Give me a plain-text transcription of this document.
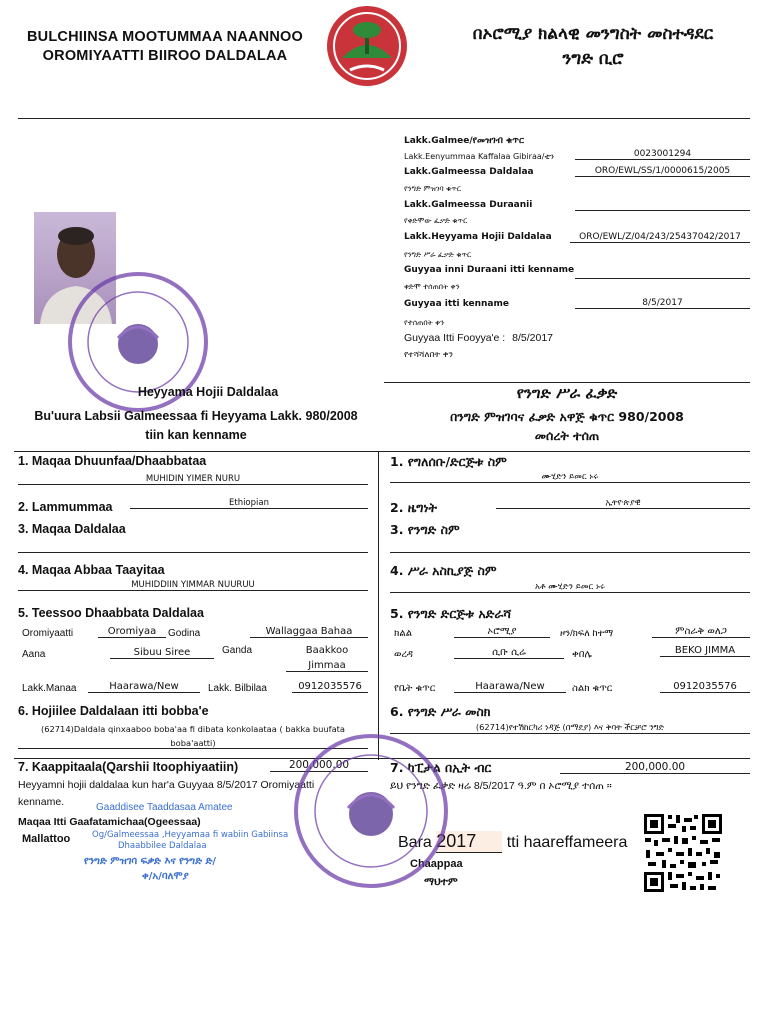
BULCHIINSA MOOTUMMAA NAANNOO
OROMIYAATTI BIIROO DALDALAA
በኦሮሚያ ክልላዊ መንግስት መስተዳደር
ንግድ ቢሮ
Lakk.Galmee/የመዝገብ ቁጥር
Lakk.Eenyummaa Kaffalaa Gibiraa/ቲን	0023001294
Lakk.Galmeessa Daldalaa	ORO/EWL/SS/1/0000615/2005
የንግድ ምዝገባ ቁጥር
Lakk.Galmeessa Duraanii
የቀድሞው ፈቃድ ቁጥር
Lakk.Heyyama Hojii Daldalaa	ORO/EWL/Z/04/243/25437042/2017
የንግድ ሥራ ፈቃድ ቁጥር
Guyyaa inni Duraani itti kenname
ቀድሞ ተሰጠበት ቀን
Guyyaa itti kenname	8/5/2017
የተሰጠበት ቀን
Guyyaa Itti Fooyya'e : 8/5/2017
የተሻሻለበት ቀን
Heyyama Hojii Daldalaa	የንግድ ሥራ ፈቃድ
Bu'uura Labsii Galmeessaa fi Heyyama Lakk. 980/2008
tiin kan kenname
በንግድ ምዝገባና ፈቃድ አዋጅ ቁጥር 980/2008
መሰረት ተሰጠ
1. Maqaa Dhuunfaa/Dhaabbataa
MUHIDIN YIMER NURU
1. የግለሰቡ/ድርጅቱ ስም
ሙሂድን ይመር ኑሩ
2. Lammummaa	Ethiopian	2. ዜግነት	ኢትዮጵያዊ
3. Maqaa Daldalaa	3. የንግድ ስም
4. Maqaa Abbaa Taayitaa
MUHIDDIIN YIMMAR NUURUU
4. ሥራ አስኪያጅ ስም
አቶ ሙሂድን ይመር ኑሩ
5. Teessoo Dhaabbata Daldalaa	5. የንግድ ድርጅቱ አድራሻ
Oromiyaatti	Oromiyaa	Godina	Wallaggaa Bahaa
Aana	Sibuu Siree	Ganda	Baakkoo
Jimmaa
Lakk.Manaa	Haarawa/New	Lakk. Bilbilaa	0912035576
ክልል	ኦሮሚያ	ዞን/ክፍለ ከተማ	ምስራቅ ወለጋ
ወረዳ	ሲቡ ሲሬ	ቀበሌ	BEKO JIMMA
የቤት ቁጥር	Haarawa/New	ስልክ ቁጥር	0912035576
6. Hojiilee Daldalaan itti bobba'e
(62714)Daldala qinxaaboo boba'aa fi dibata konkolaataa ( bakka buufata
boba'aatti)
6. የንግድ ሥራ መስክ
(62714)የተሽከርካሪ ነዳጅ (በማደያ) እና ቅባት ችርቻሮ ንግድ
7. Kaappitaala(Qarshii Itoophiyaatiin)	200,000.00	7. ካፒታል በኢት ብር	200,000.00
Heyyamni hojii daldalaa kun har'a Guyyaa 8/5/2017 Oromiyaatti
kenname.
ይህ የንግድ ፈቃድ ዛሬ 8/5/2017 ዓ.ም በ ኦሮሚያ ተሰጠ ።
Gaaddisee Taaddasaa Amatee
Maqaa Itti Gaafatamichaa(Ogeessaa)
Og/Galmeessaa ,Heyyamaa fi wabiin Gabiinsa
Mallattoo
Dhaabbilee Daldalaa
የንግድ ምዝገባ ፍቃድ እና የንግድ ድ/
ቀ/አ/ባለሞያ
Bara 2017 tti haareffameera
Chaappaa
ማህተም
